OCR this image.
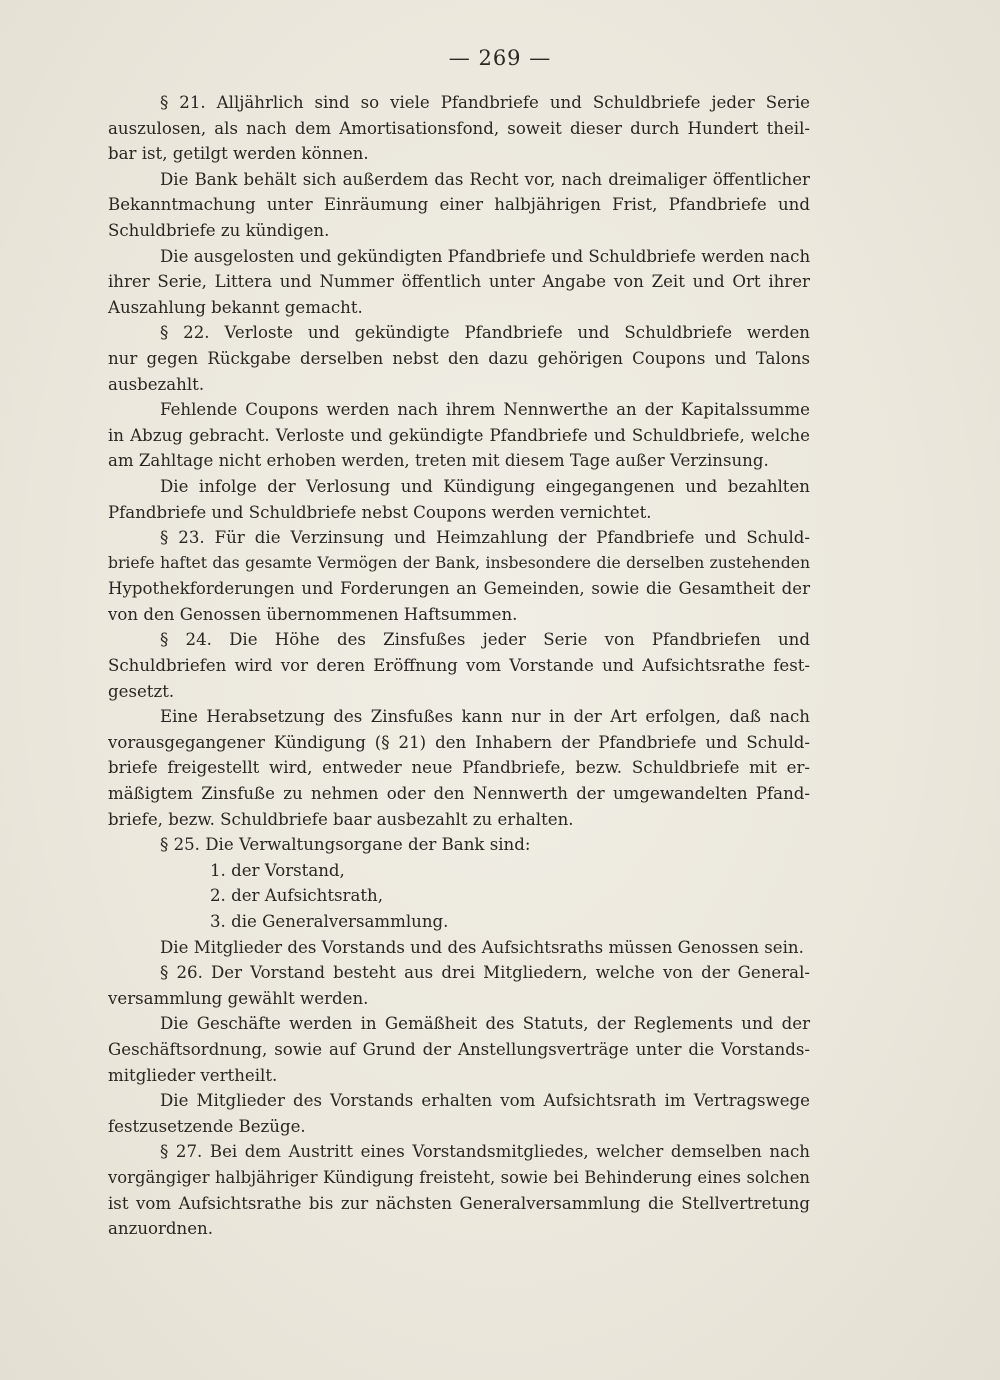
— 269 —
§ 21. Alljährlich sind so viele Pfandbriefe und Schuldbriefe jeder Serie
auszulosen, als nach dem Amortisationsfond, soweit dieser durch Hundert theil-
bar ist, getilgt werden können.
Die Bank behält sich außerdem das Recht vor, nach dreimaliger öffentlicher
Bekanntmachung unter Einräumung einer halbjährigen Frist, Pfandbriefe und
Schuldbriefe zu kündigen.
Die ausgelosten und gekündigten Pfandbriefe und Schuldbriefe werden nach
ihrer Serie, Littera und Nummer öffentlich unter Angabe von Zeit und Ort ihrer
Auszahlung bekannt gemacht.
§ 22. Verloste und gekündigte Pfandbriefe und Schuldbriefe werden
nur gegen Rückgabe derselben nebst den dazu gehörigen Coupons und Talons
ausbezahlt.
Fehlende Coupons werden nach ihrem Nennwerthe an der Kapitalssumme
in Abzug gebracht. Verloste und gekündigte Pfandbriefe und Schuldbriefe, welche
am Zahltage nicht erhoben werden, treten mit diesem Tage außer Verzinsung.
Die infolge der Verlosung und Kündigung eingegangenen und bezahlten
Pfandbriefe und Schuldbriefe nebst Coupons werden vernichtet.
§ 23. Für die Verzinsung und Heimzahlung der Pfandbriefe und Schuld-
briefe haftet das gesamte Vermögen der Bank, insbesondere die derselben zustehenden
Hypothekforderungen und Forderungen an Gemeinden, sowie die Gesamtheit der
von den Genossen übernommenen Haftsummen.
§ 24. Die Höhe des Zinsfußes jeder Serie von Pfandbriefen und
Schuldbriefen wird vor deren Eröffnung vom Vorstande und Aufsichtsrathe fest-
gesetzt.
Eine Herabsetzung des Zinsfußes kann nur in der Art erfolgen, daß nach
vorausgegangener Kündigung (§ 21) den Inhabern der Pfandbriefe und Schuld-
briefe freigestellt wird, entweder neue Pfandbriefe, bezw. Schuldbriefe mit er-
mäßigtem Zinsfuße zu nehmen oder den Nennwerth der umgewandelten Pfand-
briefe, bezw. Schuldbriefe baar ausbezahlt zu erhalten.
§ 25. Die Verwaltungsorgane der Bank sind:
1. der Vorstand,
2. der Aufsichtsrath,
3. die Generalversammlung.
Die Mitglieder des Vorstands und des Aufsichtsraths müssen Genossen sein.
§ 26. Der Vorstand besteht aus drei Mitgliedern, welche von der General-
versammlung gewählt werden.
Die Geschäfte werden in Gemäßheit des Statuts, der Reglements und der
Geschäftsordnung, sowie auf Grund der Anstellungsverträge unter die Vorstands-
mitglieder vertheilt.
Die Mitglieder des Vorstands erhalten vom Aufsichtsrath im Vertragswege
festzusetzende Bezüge.
§ 27. Bei dem Austritt eines Vorstandsmitgliedes, welcher demselben nach
vorgängiger halbjähriger Kündigung freisteht, sowie bei Behinderung eines solchen
ist vom Aufsichtsrathe bis zur nächsten Generalversammlung die Stellvertretung
anzuordnen.
